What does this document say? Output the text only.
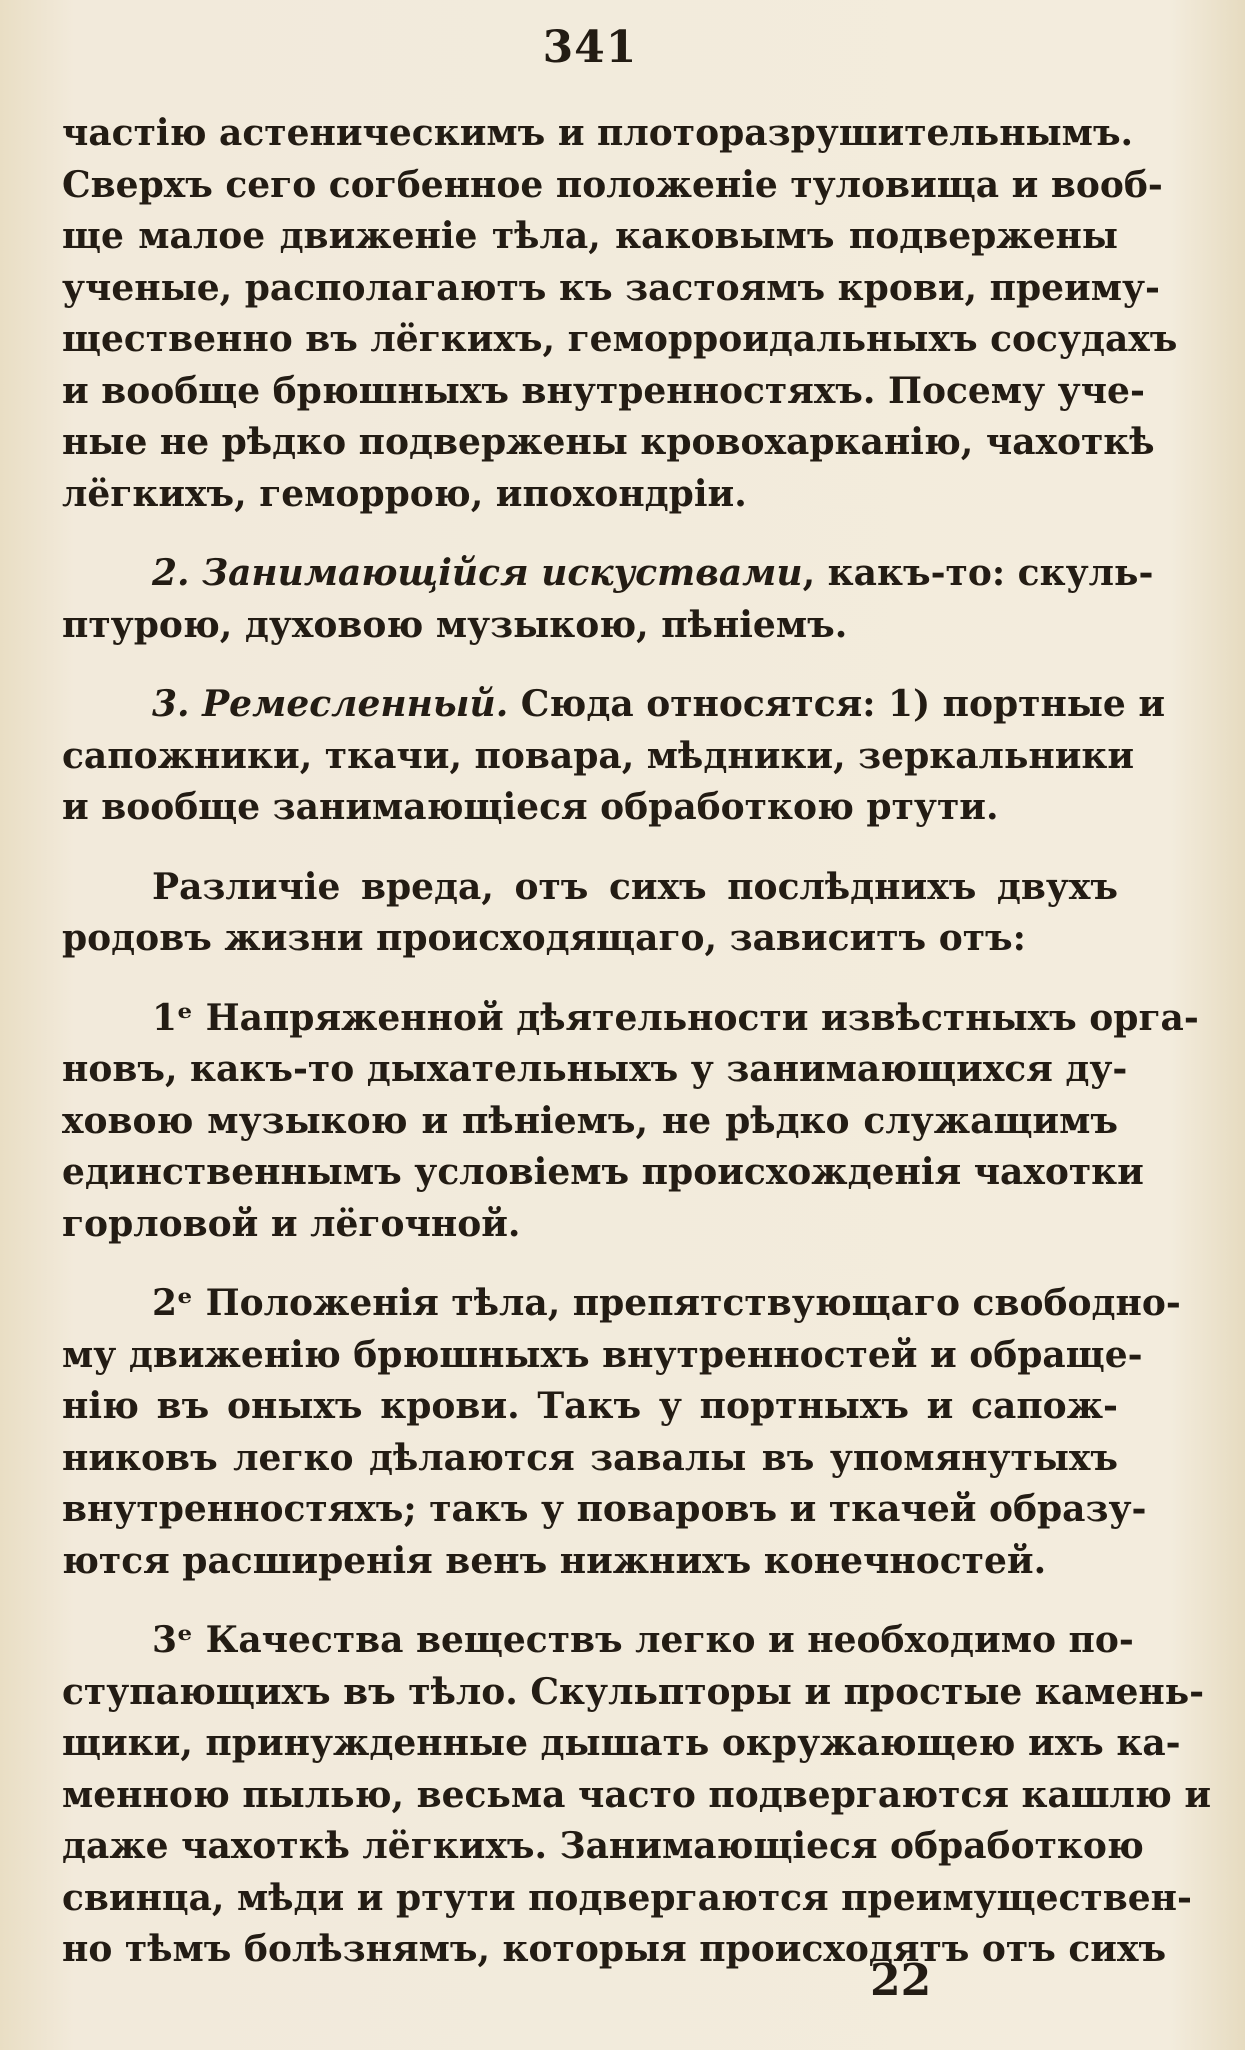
341
частію астеническимъ и плоторазрушительнымъ.
Сверхъ сего согбенное положеніе туловища и вооб-
ще малое движеніе тѣла, каковымъ подвержены
ученые, располагаютъ къ застоямъ крови, преиму-
щественно въ лёгкихъ, геморроидальныхъ сосудахъ
и вообще брюшныхъ внутренностяхъ. Посему уче-
ные не рѣдко подвержены кровохарканію, чахоткѣ
лёгкихъ, геморрою, ипохондріи.
2. Занимающійся искуствами, какъ-то: скуль-
птурою, духовою музыкою, пѣніемъ.
3. Ремесленный. Сюда относятся: 1) портные и
сапожники, ткачи, повара, мѣдники, зеркальники
и вообще занимающіеся обработкою ртути.
Различіе вреда, отъ сихъ послѣднихъ двухъ
родовъ жизни происходящаго, зависитъ отъ:
1ᵉ Напряженной дѣятельности извѣстныхъ орга-
новъ, какъ-то дыхательныхъ у занимающихся ду-
ховою музыкою и пѣніемъ, не рѣдко служащимъ
единственнымъ условіемъ происхожденія чахотки
горловой и лёгочной.
2ᵉ Положенія тѣла, препятствующаго свободно-
му движенію брюшныхъ внутренностей и обраще-
нію въ оныхъ крови. Такъ у портныхъ и сапож-
никовъ легко дѣлаются завалы въ упомянутыхъ
внутренностяхъ; такъ у поваровъ и ткачей образу-
ются расширенія венъ нижнихъ конечностей.
3ᵉ Качества веществъ легко и необходимо по-
ступающихъ въ тѣло. Скульпторы и простые камень-
щики, принужденные дышать окружающею ихъ ка-
менною пылью, весьма часто подвергаются кашлю и
даже чахоткѣ лёгкихъ. Занимающіеся обработкою
свинца, мѣди и ртути подвергаются преимуществен-
но тѣмъ болѣзнямъ, которыя происходятъ отъ сихъ
22
